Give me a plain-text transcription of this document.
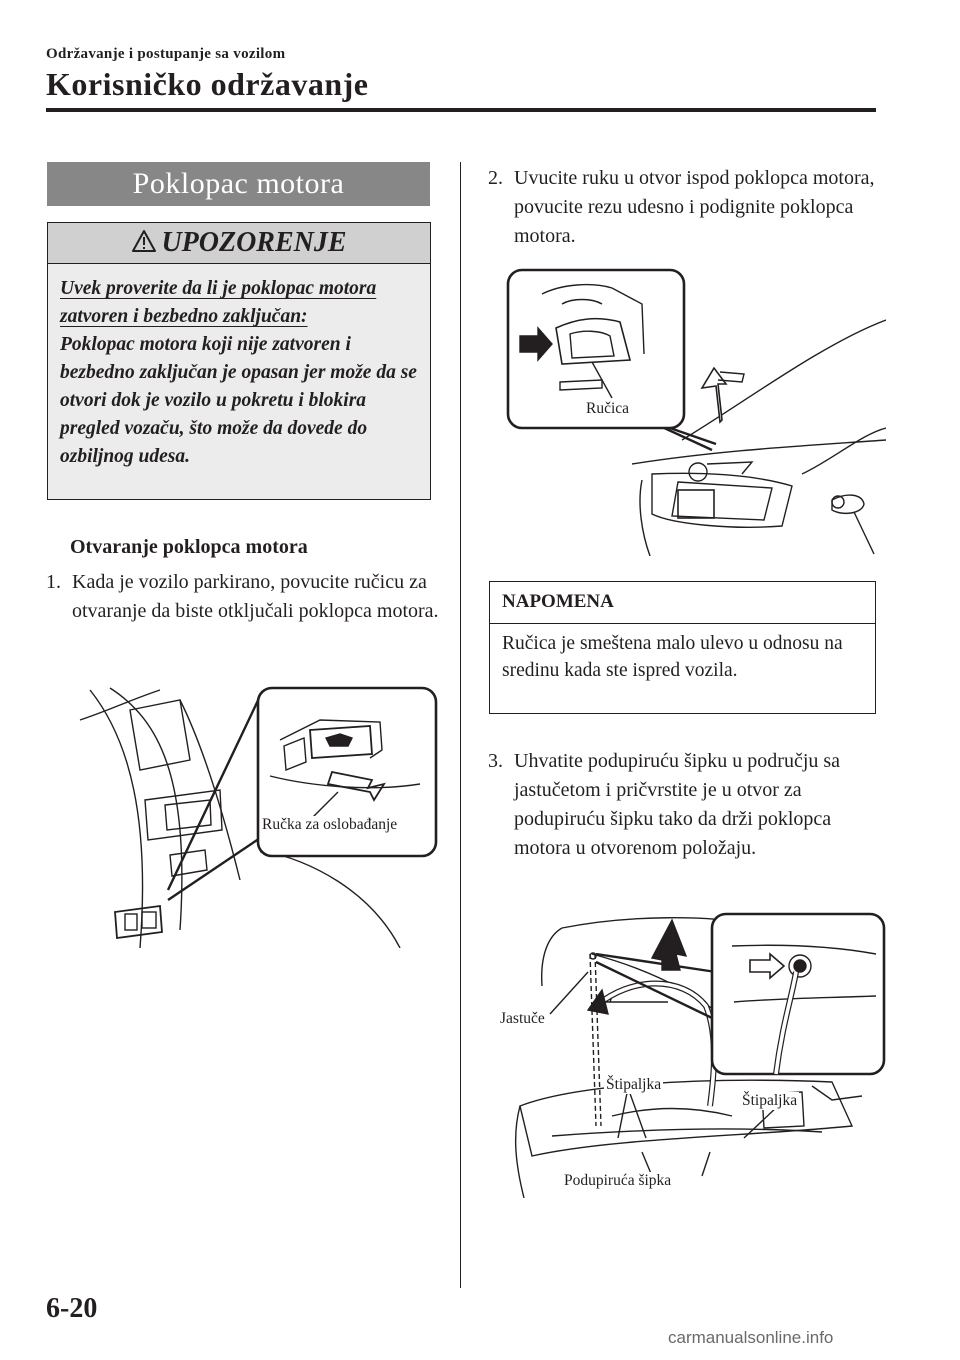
Održavanje i postupanje sa vozilom
Korisničko održavanje
Poklopac motora
UPOZORENJE
Uvek proverite da li je poklopac motora zatvoren i bezbedno zaključan:
Poklopac motora koji nije zatvoren i bezbedno zaključan je opasan jer može da se otvori dok je vozilo u pokretu i blokira pregled vozaču, što može da dovede do ozbiljnog udesa.
Otvaranje poklopca motora
1. Kada je vozilo parkirano, povucite ručicu za otvaranje da biste otključali poklopca motora.
Ručka za oslobađanje
2. Uvucite ruku u otvor ispod poklopca motora, povucite rezu udesno i podignite poklopca motora.
Ručica
NAPOMENA
Ručica je smeštena malo ulevo u odnosu na sredinu kada ste ispred vozila.
3. Uhvatite podupiruću šipku u području sa jastučetom i pričvrstite je u otvor za podupiruću šipku tako da drži poklopca motora u otvorenom položaju.
Jastuče
Štipaljka
Štipaljka
Podupiruća šipka
6-20
carmanualsonline.info
